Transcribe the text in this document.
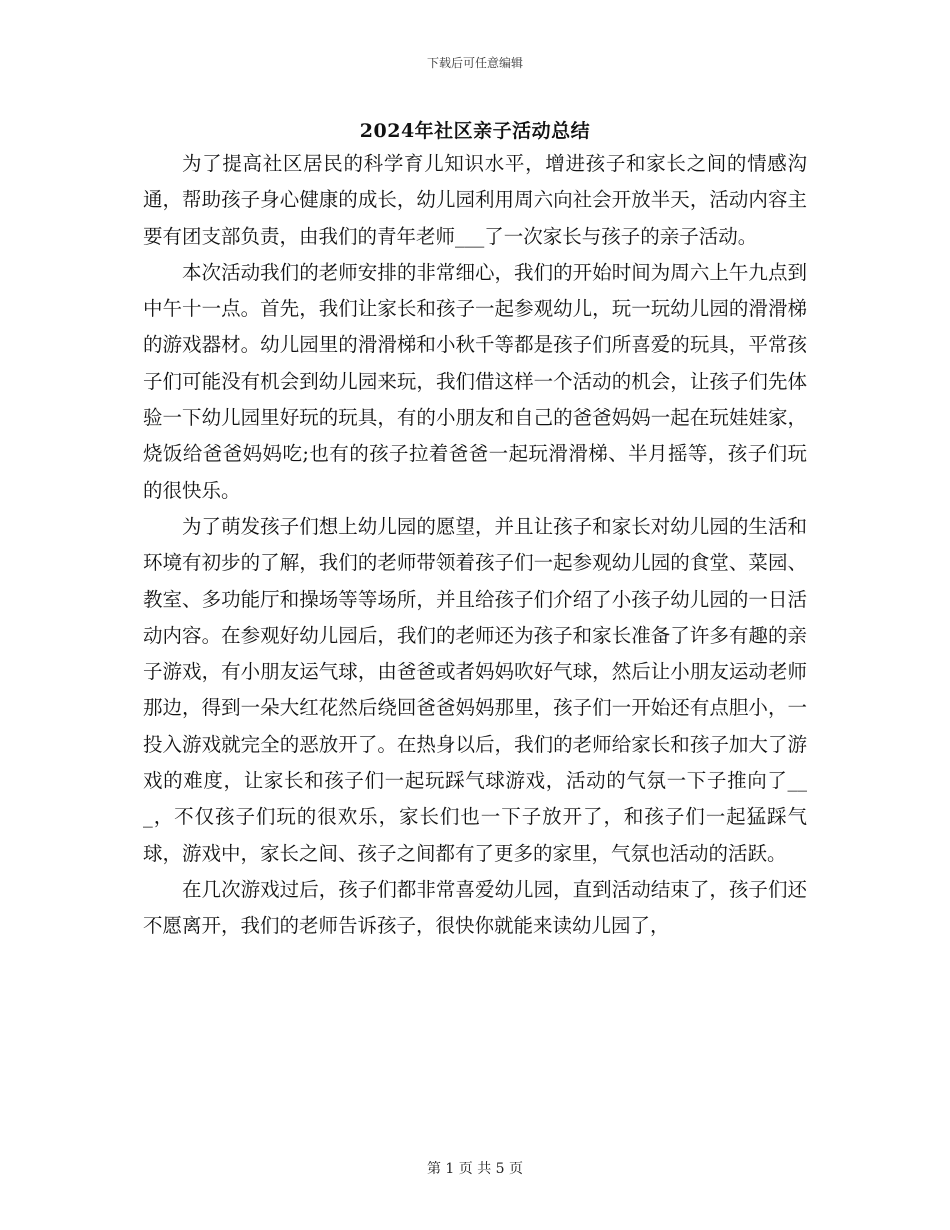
下载后可任意编辑
2024年社区亲子活动总结

为了提高社区居民的科学育儿知识水平，增进孩子和家长之间的情感沟通，帮助孩子身心健康的成长，幼儿园利用周六向社会开放半天，活动内容主要有团支部负责，由我们的青年老师___了一次家长与孩子的亲子活动。

本次活动我们的老师安排的非常细心，我们的开始时间为周六上午九点到中午十一点。首先，我们让家长和孩子一起参观幼儿，玩一玩幼儿园的滑滑梯的游戏器材。幼儿园里的滑滑梯和小秋千等都是孩子们所喜爱的玩具，平常孩子们可能没有机会到幼儿园来玩，我们借这样一个活动的机会，让孩子们先体验一下幼儿园里好玩的玩具，有的小朋友和自己的爸爸妈妈一起在玩娃娃家，烧饭给爸爸妈妈吃;也有的孩子拉着爸爸一起玩滑滑梯、半月摇等，孩子们玩的很快乐。

为了萌发孩子们想上幼儿园的愿望，并且让孩子和家长对幼儿园的生活和环境有初步的了解，我们的老师带领着孩子们一起参观幼儿园的食堂、菜园、教室、多功能厅和操场等等场所，并且给孩子们介绍了小孩子幼儿园的一日活动内容。在参观好幼儿园后，我们的老师还为孩子和家长准备了许多有趣的亲子游戏，有小朋友运气球，由爸爸或者妈妈吹好气球，然后让小朋友运动老师那边，得到一朵大红花然后绕回爸爸妈妈那里，孩子们一开始还有点胆小，一投入游戏就完全的恶放开了。在热身以后，我们的老师给家长和孩子加大了游戏的难度，让家长和孩子们一起玩踩气球游戏，活动的气氛一下子推向了___，不仅孩子们玩的很欢乐，家长们也一下子放开了，和孩子们一起猛踩气球，游戏中，家长之间、孩子之间都有了更多的家里，气氛也活动的活跃。

在几次游戏过后，孩子们都非常喜爱幼儿园，直到活动结束了，孩子们还不愿离开，我们的老师告诉孩子，很快你就能来读幼儿园了，

第 1 页 共 5 页
